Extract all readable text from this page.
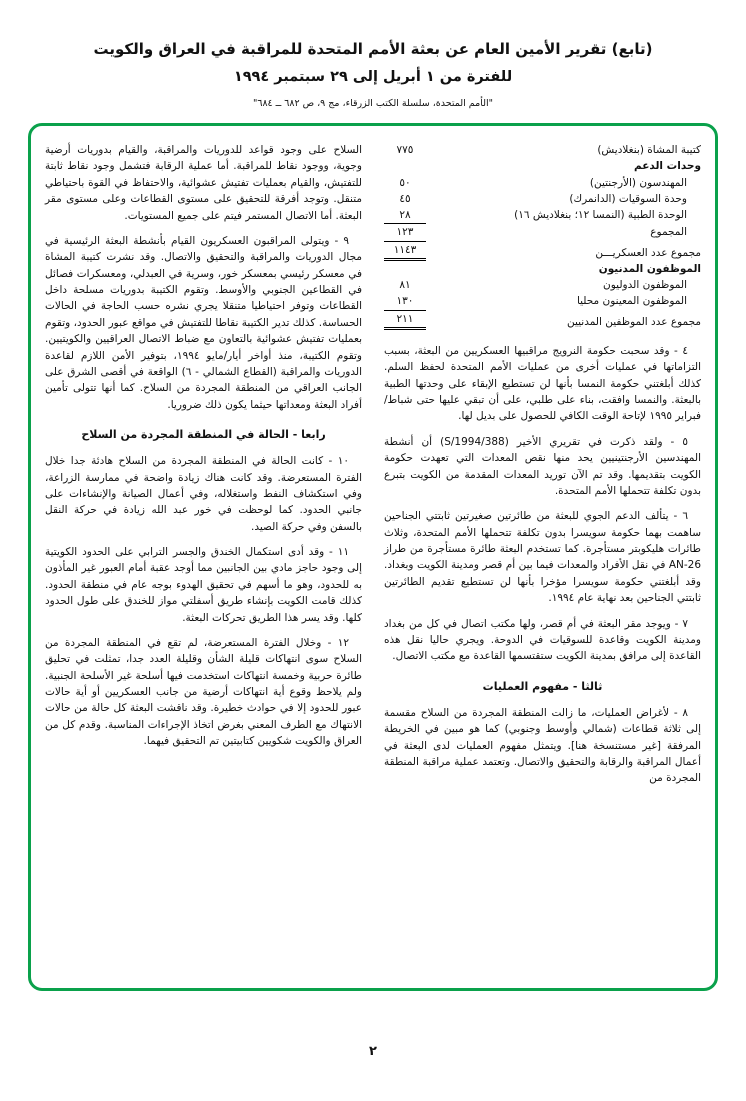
(تابع) تقرير الأمين العام عن بعثة الأمم المتحدة للمراقبة في العراق والكويت
للفترة من ١ أبريل إلى ٢٩ سبتمبر ١٩٩٤
"الأمم المتحدة، سلسلة الكتب الزرقاء، مج ٩، ص ٦٨٢ ــ ٦٨٤"
كتيبة المشاة (بنغلاديش)
٧٧٥
وحدات الدعم
المهندسون (الأرجنتين)
٥٠
وحدة السوقيات (الدانمرك)
٤٥
الوحدة الطبية (النمسا ١٢؛ بنغلاديش ١٦)
٢٨
المجموع
١٢٣
مجموع عدد العسكريـــن
١١٤٣
الموظفون المدنيون
الموظفون الدوليون
٨١
الموظفون المعينون محليا
١٣٠
مجموع عدد الموظفين المدنيين
٢١١

٤ - وقد سحبت حكومة النرويج مراقبيها العسكريين من البعثة، بسبب التزاماتها في عمليات أخرى من عمليات الأمم المتحدة لحفظ السلم. كذلك أبلغتني حكومة النمسا بأنها لن تستطيع الإبقاء على وحدتها الطبية بالبعثة. والنمسا وافقت، بناء على طلبي، على أن تبقي عليها حتى شباط/فبراير ١٩٩٥ لإتاحة الوقت الكافي للحصول على بديل لها.

٥ - ولقد ذكرت في تقريري الأخير (S/1994/388) أن أنشطة المهندسين الأرجنتينيين يحد منها نقص المعدات التي تعهدت حكومة الكويت بتقديمها. وقد تم الآن توريد المعدات المقدمة من الكويت بتبرع بدون تكلفة تتحملها الأمم المتحدة.

٦ - يتألف الدعم الجوي للبعثة من طائرتين صغيرتين ثابتتي الجناحين ساهمت بهما حكومة سويسرا بدون تكلفة تتحملها الأمم المتحدة، وثلاث طائرات هليكوبتر مستأجرة. كما تستخدم البعثة طائرة مستأجرة من طراز AN-26 في نقل الأفراد والمعدات فيما بين أم قصر ومدينة الكويت وبغداد. وقد أبلغتني حكومة سويسرا مؤخرا بأنها لن تستطيع تقديم الطائرتين ثابتتي الجناحين بعد نهاية عام ١٩٩٤.

٧ - ويوجد مقر البعثة في أم قصر، ولها مكتب اتصال في كل من بغداد ومدينة الكويت وقاعدة للسوقيات في الدوحة. ويجري حاليا نقل هذه القاعدة إلى مرافق بمدينة الكويت ستقتسمها القاعدة مع مكتب الاتصال.

ثالثا - مفهوم العمليات

٨ - لأغراض العمليات، ما زالت المنطقة المجردة من السلاح مقسمة إلى ثلاثة قطاعات (شمالي وأوسط وجنوبي) كما هو مبين في الخريطة المرفقة [غير مستنسخة هنا]. ويتمثل مفهوم العمليات لدى البعثة في أعمال المراقبة والرقابة والتحقيق والاتصال. وتعتمد عملية مراقبة المنطقة المجردة من

السلاح على وجود قواعد للدوريات والمراقبة، والقيام بدوريات أرضية وجوية، ووجود نقاط للمراقبة. أما عملية الرقابة فتشمل وجود نقاط ثابتة للتفتيش، والقيام بعمليات تفتيش عشوائية، والاحتفاظ في القوة باحتياطي متنقل. وتوجد أفرقة للتحقيق على مستوى القطاعات وعلى مستوى مقر البعثة. أما الاتصال المستمر فيتم على جميع المستويات.

٩ - ويتولى المراقبون العسكريون القيام بأنشطة البعثة الرئيسية في مجال الدوريات والمراقبة والتحقيق والاتصال. وقد نشرت كتيبة المشاة في معسكر رئيسي بمعسكر خور، وسرية في العبدلي، ومعسكرات فصائل في القطاعين الجنوبي والأوسط. وتقوم الكتيبة بدوريات مسلحة داخل القطاعات وتوفر احتياطيا متنقلا يجري نشره حسب الحاجة في الحالات الحساسة. كذلك تدير الكتيبة نقاطا للتفتيش في مواقع عبور الحدود، وتقوم بعمليات تفتيش عشوائية بالتعاون مع ضباط الاتصال العراقيين والكويتيين. وتقوم الكتيبة، منذ أواخر أيار/مايو ١٩٩٤، بتوفير الأمن اللازم لقاعدة الدوريات والمراقبة (القطاع الشمالي - ٦) الواقعة في أقصى الشرق على الجانب العراقي من المنطقة المجردة من السلاح. كما أنها تتولى تأمين أفراد البعثة ومعداتها حيثما يكون ذلك ضروريا.

رابعا - الحالة في المنطقة المجردة من السلاح

١٠ - كانت الحالة في المنطقة المجردة من السلاح هادئة جدا خلال الفترة المستعرضة. وقد كانت هناك زيادة واضحة في ممارسة الزراعة، وفي استكشاف النفط واستغلاله، وفي أعمال الصيانة والإنشاءات على جانبي الحدود. كما لوحظت في خور عبد الله زيادة في حركة النقل بالسفن وفي حركة الصيد.

١١ - وقد أدى استكمال الخندق والجسر الترابي على الحدود الكويتية إلى وجود حاجز مادي بين الجانبين مما أوجد عقبة أمام العبور غير المأذون به للحدود، وهو ما أسهم في تحقيق الهدوء بوجه عام في منطقة الحدود. كذلك قامت الكويت بإنشاء طريق أسفلتي مواز للخندق على طول الحدود كلها. وقد يسر هذا الطريق تحركات البعثة.

١٢ - وخلال الفترة المستعرضة، لم تقع في المنطقة المجردة من السلاح سوى انتهاكات قليلة الشأن وقليلة العدد جدا، تمثلت في تحليق طائرة حربية وخمسة انتهاكات استخدمت فيها أسلحة غير الأسلحة الجنبية. ولم يلاحظ وقوع أية انتهاكات أرضية من جانب العسكريين أو أية حالات عبور للحدود إلا في حوادث خطيرة. وقد ناقشت البعثة كل حالة من حالات الانتهاك مع الطرف المعني بغرض اتخاذ الإجراءات المناسبة. وقدم كل من العراق والكويت شكويين كتابيتين تم التحقيق فيهما.

٢
